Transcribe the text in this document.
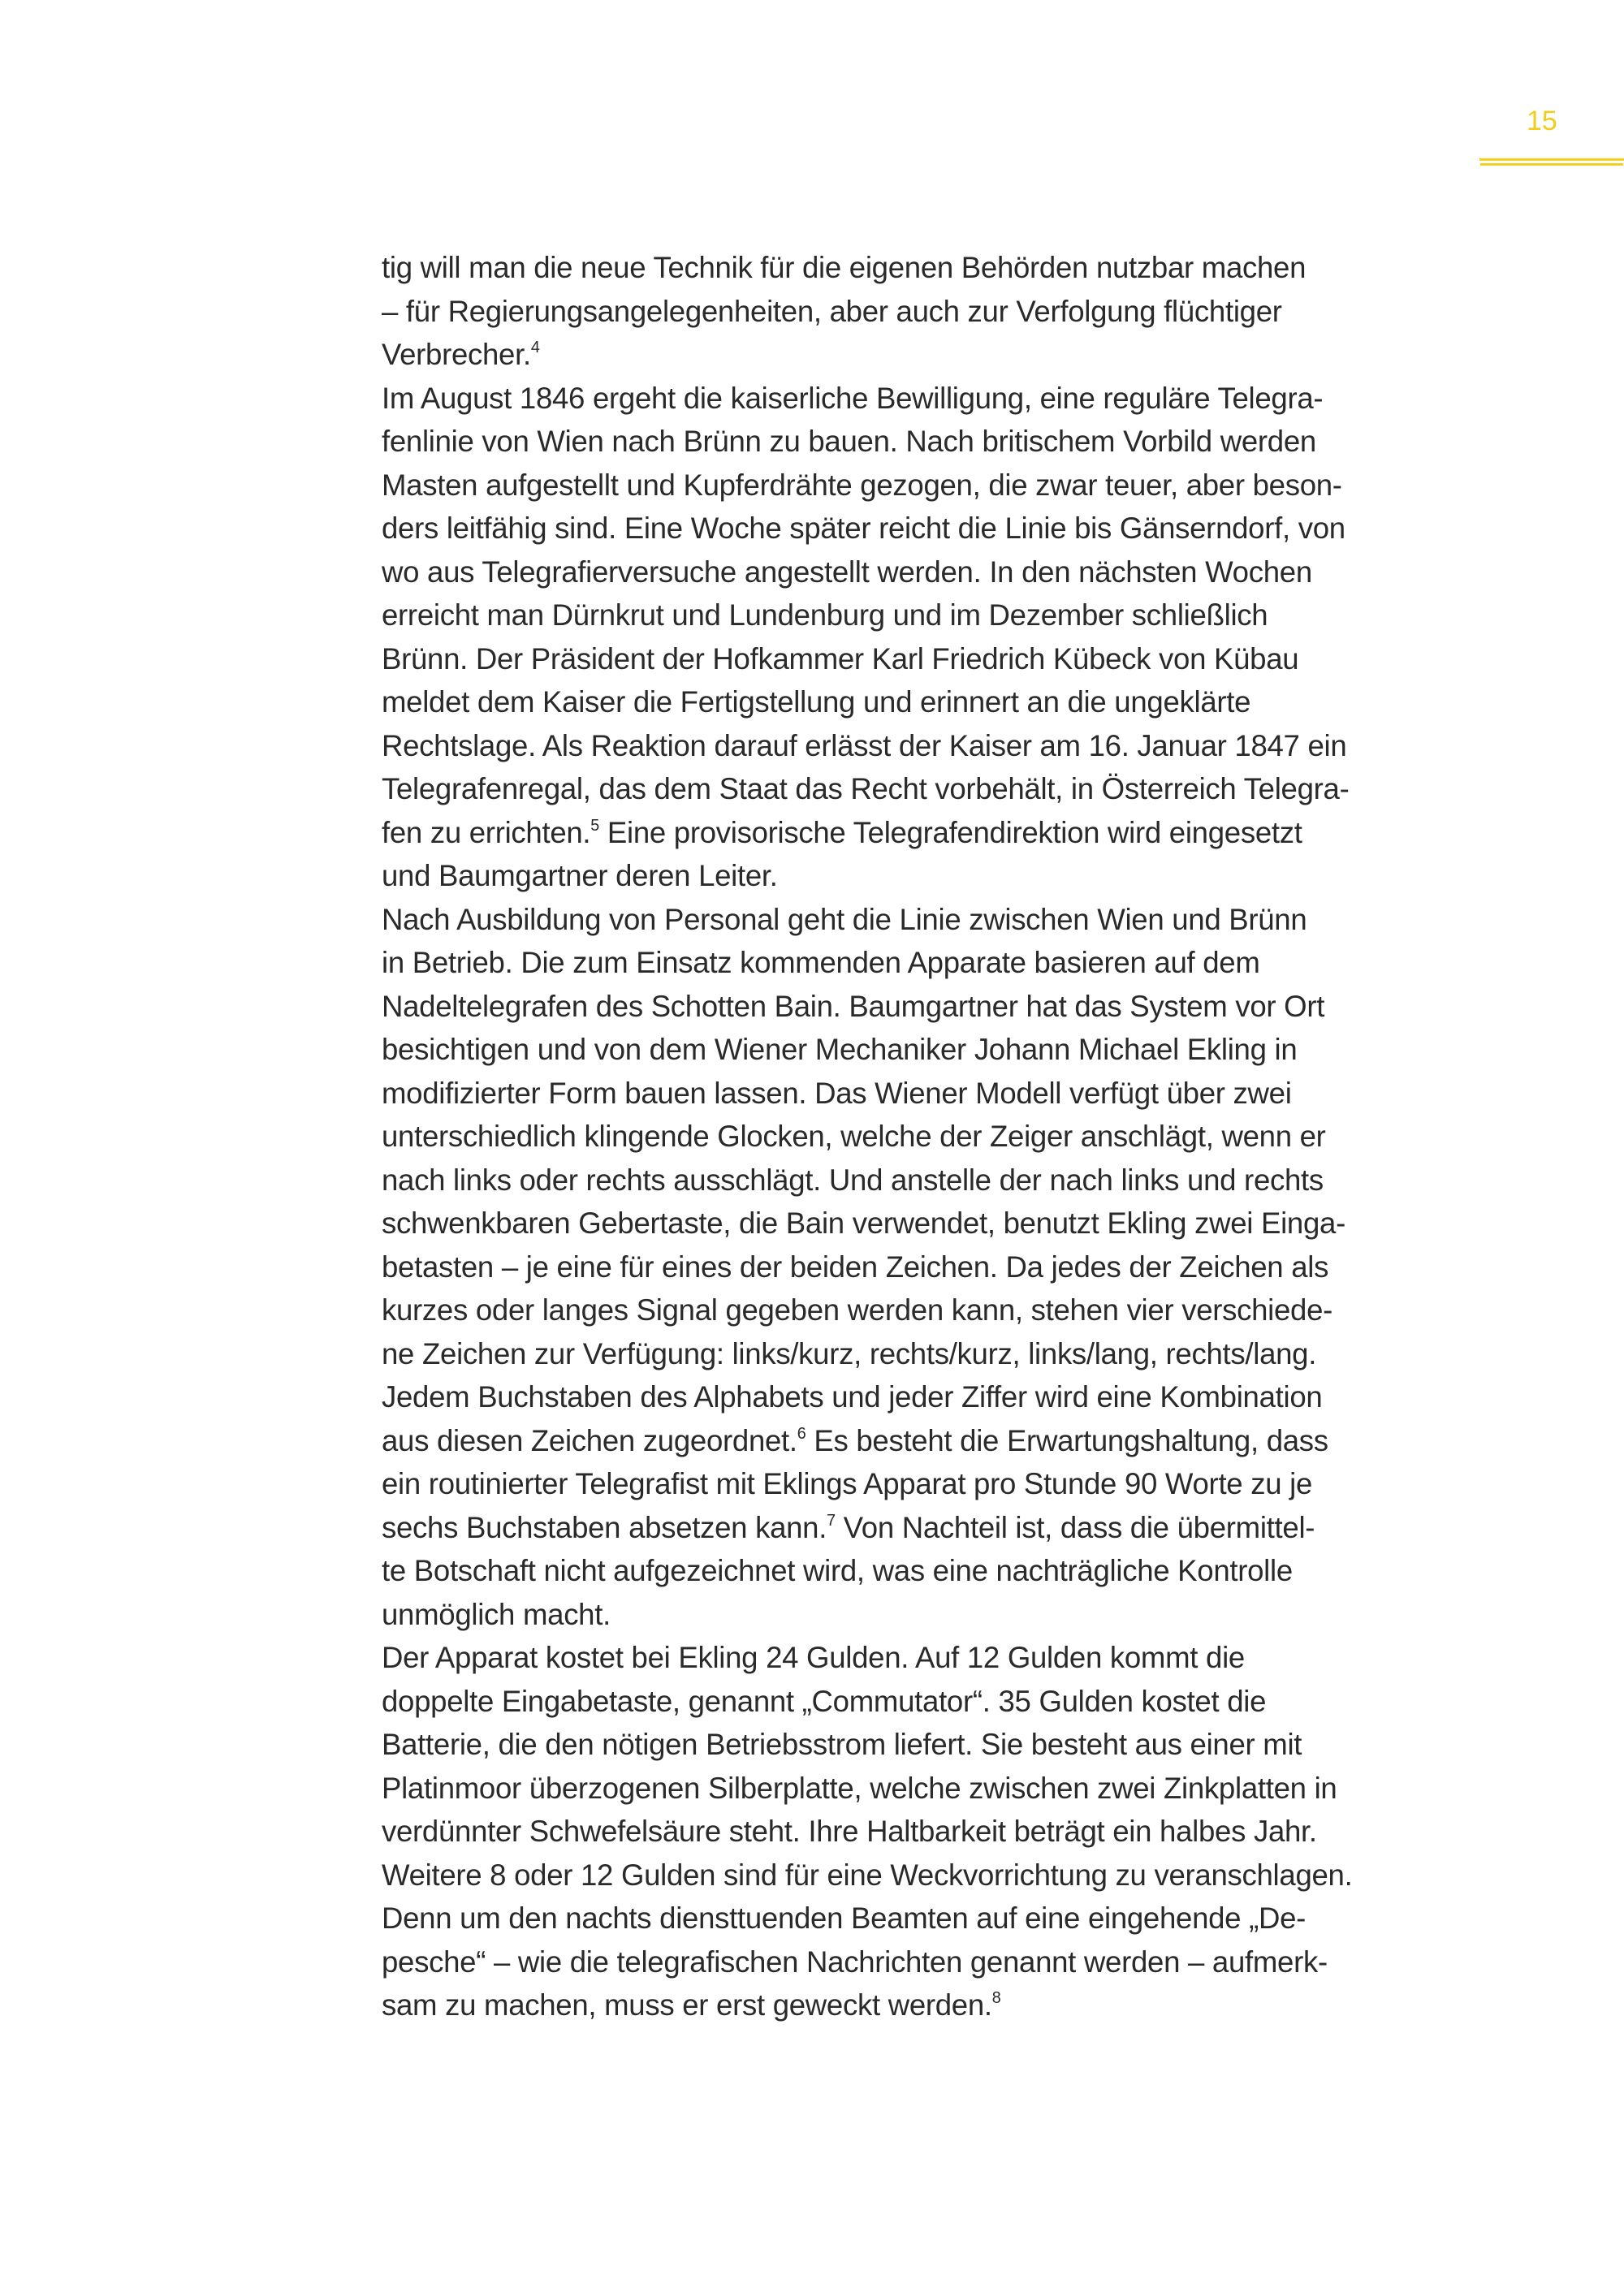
15
tig will man die neue Technik für die eigenen Behörden nutzbar machen
– für Regierungsangelegenheiten, aber auch zur Verfolgung flüchtiger
Verbrecher.$^4$
Im August 1846 ergeht die kaiserliche Bewilligung, eine reguläre Telegra-
fenlinie von Wien nach Brünn zu bauen. Nach britischem Vorbild werden
Masten aufgestellt und Kupferdrähte gezogen, die zwar teuer, aber beson-
ders leitfähig sind. Eine Woche später reicht die Linie bis Gänserndorf, von
wo aus Telegrafierversuche angestellt werden. In den nächsten Wochen
erreicht man Dürnkrut und Lundenburg und im Dezember schließlich
Brünn. Der Präsident der Hofkammer Karl Friedrich Kübeck von Kübau
meldet dem Kaiser die Fertigstellung und erinnert an die ungeklärte
Rechtslage. Als Reaktion darauf erlässt der Kaiser am 16. Januar 1847 ein
Telegrafenregal, das dem Staat das Recht vorbehält, in Österreich Telegra-
fen zu errichten.$^5$ Eine provisorische Telegrafendirektion wird eingesetzt
und Baumgartner deren Leiter.
Nach Ausbildung von Personal geht die Linie zwischen Wien und Brünn
in Betrieb. Die zum Einsatz kommenden Apparate basieren auf dem
Nadeltelegrafen des Schotten Bain. Baumgartner hat das System vor Ort
besichtigen und von dem Wiener Mechaniker Johann Michael Ekling in
modifizierter Form bauen lassen. Das Wiener Modell verfügt über zwei
unterschiedlich klingende Glocken, welche der Zeiger anschlägt, wenn er
nach links oder rechts ausschlägt. Und anstelle der nach links und rechts
schwenkbaren Gebertaste, die Bain verwendet, benutzt Ekling zwei Einga-
betasten – je eine für eines der beiden Zeichen. Da jedes der Zeichen als
kurzes oder langes Signal gegeben werden kann, stehen vier verschiede-
ne Zeichen zur Verfügung: links/kurz, rechts/kurz, links/lang, rechts/lang.
Jedem Buchstaben des Alphabets und jeder Ziffer wird eine Kombination
aus diesen Zeichen zugeordnet.$^6$ Es besteht die Erwartungshaltung, dass
ein routinierter Telegrafist mit Eklings Apparat pro Stunde 90 Worte zu je
sechs Buchstaben absetzen kann.$^7$ Von Nachteil ist, dass die übermittel-
te Botschaft nicht aufgezeichnet wird, was eine nachträgliche Kontrolle
unmöglich macht.
Der Apparat kostet bei Ekling 24 Gulden. Auf 12 Gulden kommt die
doppelte Eingabetaste, genannt „Commutator“. 35 Gulden kostet die
Batterie, die den nötigen Betriebsstrom liefert. Sie besteht aus einer mit
Platinmoor überzogenen Silberplatte, welche zwischen zwei Zinkplatten in
verdünnter Schwefelsäure steht. Ihre Haltbarkeit beträgt ein halbes Jahr.
Weitere 8 oder 12 Gulden sind für eine Weckvorrichtung zu veranschlagen.
Denn um den nachts diensttuenden Beamten auf eine eingehende „De-
pesche“ – wie die telegrafischen Nachrichten genannt werden – aufmerk-
sam zu machen, muss er erst geweckt werden.$^8$
